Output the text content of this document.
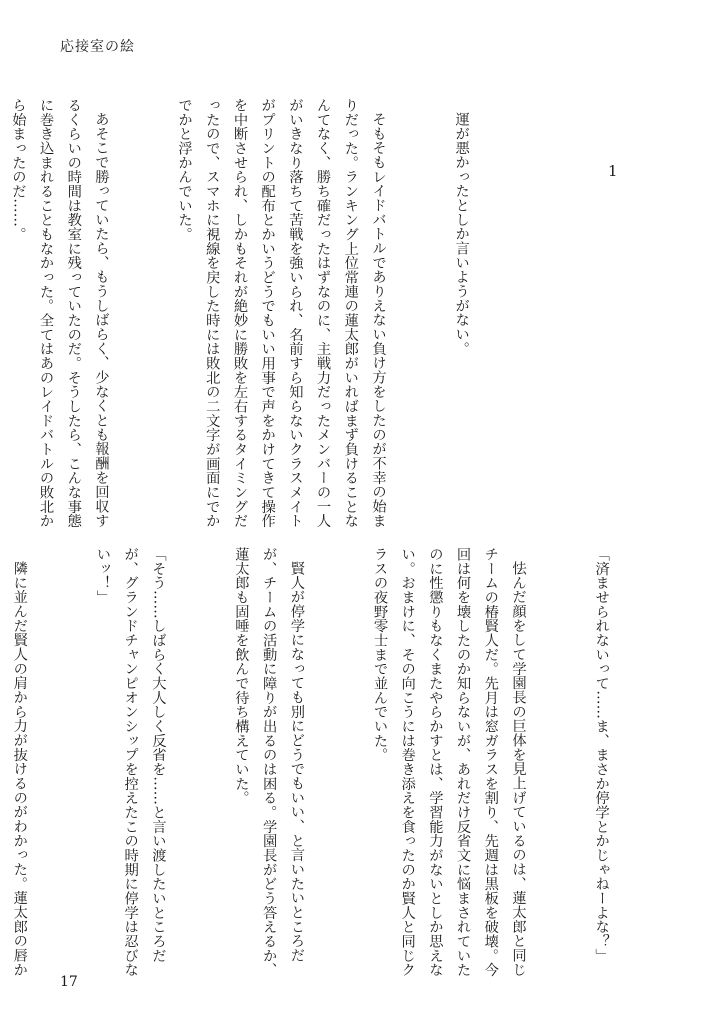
応接室の絵
1

運が悪かったとしか言いようがない。

そもそもレイドバトルでありえない負け方をしたのが不幸の始まりだった。ランキング上位常連の蓮太郎がいればまず負けることなんてなく、勝ち確だったはずなのに、主戦力だったメンバーの一人がいきなり落ちて苦戦を強いられ、名前すら知らないクラスメイトがプリントの配布とかいうどうでもいい用事で声をかけてきて操作を中断させられ、しかもそれが絶妙に勝敗を左右するタイミングだったので、スマホに視線を戻した時には敗北の二文字が画面にでかでかと浮かんでいた。

あそこで勝っていたら、もうしばらく、少なくとも報酬を回収するくらいの時間は教室に残っていたのだ。そうしたら、こんな事態に巻き込まれることもなかった。全てはあのレイドバトルの敗北から始まったのだ……。

「済ませられないって……ま、まさか停学とかじゃねーよな？」

怯んだ顔をして学園長の巨体を見上げているのは、蓮太郎と同じチームの椿賢人だ。先月は窓ガラスを割り、先週は黒板を破壊。今回は何を壊したのか知らないが、あれだけ反省文に悩まされていたのに性懲りもなくまたやらかすとは、学習能力がないとしか思えない。おまけに、その向こうには巻き添えを食ったのか賢人と同じクラスの夜野零士まで並んでいた。

賢人が停学になっても別にどうでもいい、と言いたいところだが、チームの活動に障りが出るのは困る。学園長がどう答えるか、蓮太郎も固唾を飲んで待ち構えていた。

「そう……しばらく大人しく反省を……と言い渡したいところだが、グランドチャンピオンシップを控えたこの時期に停学は忍びないッ！」

隣に並んだ賢人の肩から力が抜けるのがわかった。蓮太郎の唇か

17
